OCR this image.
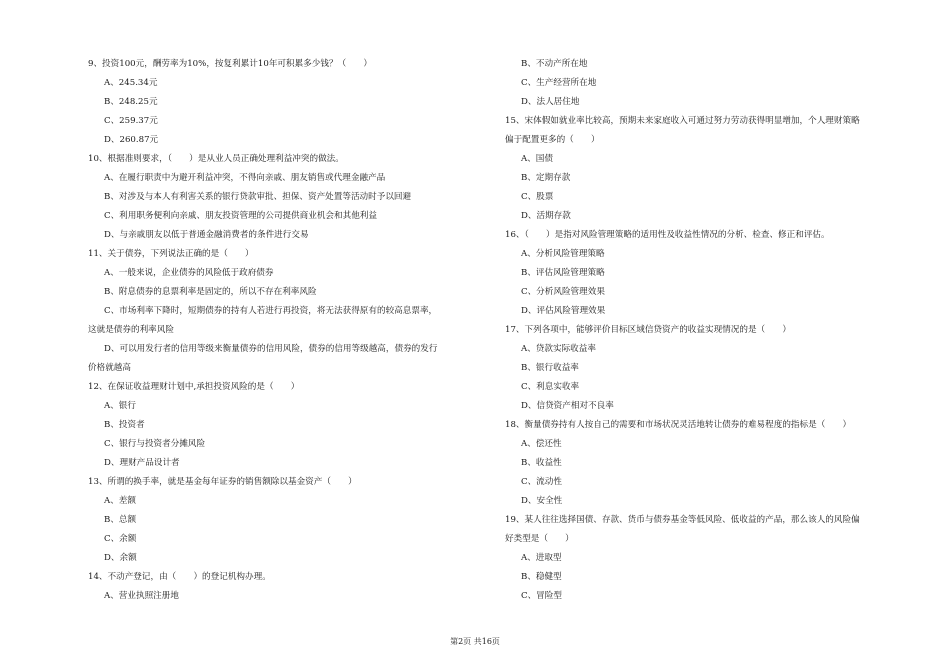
9、投资100元，酬劳率为10%，按复利累计10年可积累多少钱？（　　）
A、245.34元
B、248.25元
C、259.37元
D、260.87元
10、根据准则要求，（　　）是从业人员正确处理利益冲突的做法。
A、在履行职责中为避开利益冲突，不得向亲戚、朋友销售或代理金融产品
B、对涉及与本人有利害关系的银行贷款审批、担保、资产处置等活动时予以回避
C、利用职务便利向亲戚、朋友投资管理的公司提供商业机会和其他利益
D、与亲戚朋友以低于普通金融消费者的条件进行交易
11、关于债券，下列说法正确的是（　　）
A、一般来说，企业债券的风险低于政府债券
B、附息债券的息票利率是固定的，所以不存在利率风险
C、市场利率下降时，短期债券的持有人若进行再投资，将无法获得原有的较高息票率，
这就是债券的利率风险
D、可以用发行者的信用等级来衡量债券的信用风险，债券的信用等级越高，债券的发行
价格就越高
12、在保证收益理财计划中,承担投资风险的是（　　）
A、银行
B、投资者
C、银行与投资者分摊风险
D、理财产品设计者
13、所谓的换手率，就是基金每年证券的销售额除以基金资产（　　）
A、差额
B、总额
C、余额
D、余额
14、不动产登记，由（　　）的登记机构办理。
A、营业执照注册地
B、不动产所在地
C、生产经营所在地
D、法人居住地
15、宋体假如就业率比较高，预期未来家庭收入可通过努力劳动获得明显增加，个人理财策略
偏于配置更多的（　　）
A、国债
B、定期存款
C、股票
D、活期存款
16、（　　）是指对风险管理策略的适用性及收益性情况的分析、检查、修正和评估。
A、分析风险管理策略
B、评估风险管理策略
C、分析风险管理效果
D、评估风险管理效果
17、下列各项中，能够评价目标区域信贷资产的收益实现情况的是（　　）
A、贷款实际收益率
B、银行收益率
C、利息实收率
D、信贷资产相对不良率
18、衡量债券持有人按自己的需要和市场状况灵活地转让债券的难易程度的指标是（　　）
A、偿还性
B、收益性
C、流动性
D、安全性
19、某人往往选择国债、存款、货币与债券基金等低风险、低收益的产品，那么该人的风险偏
好类型是（　　）
A、进取型
B、稳健型
C、冒险型
第2页 共16页
